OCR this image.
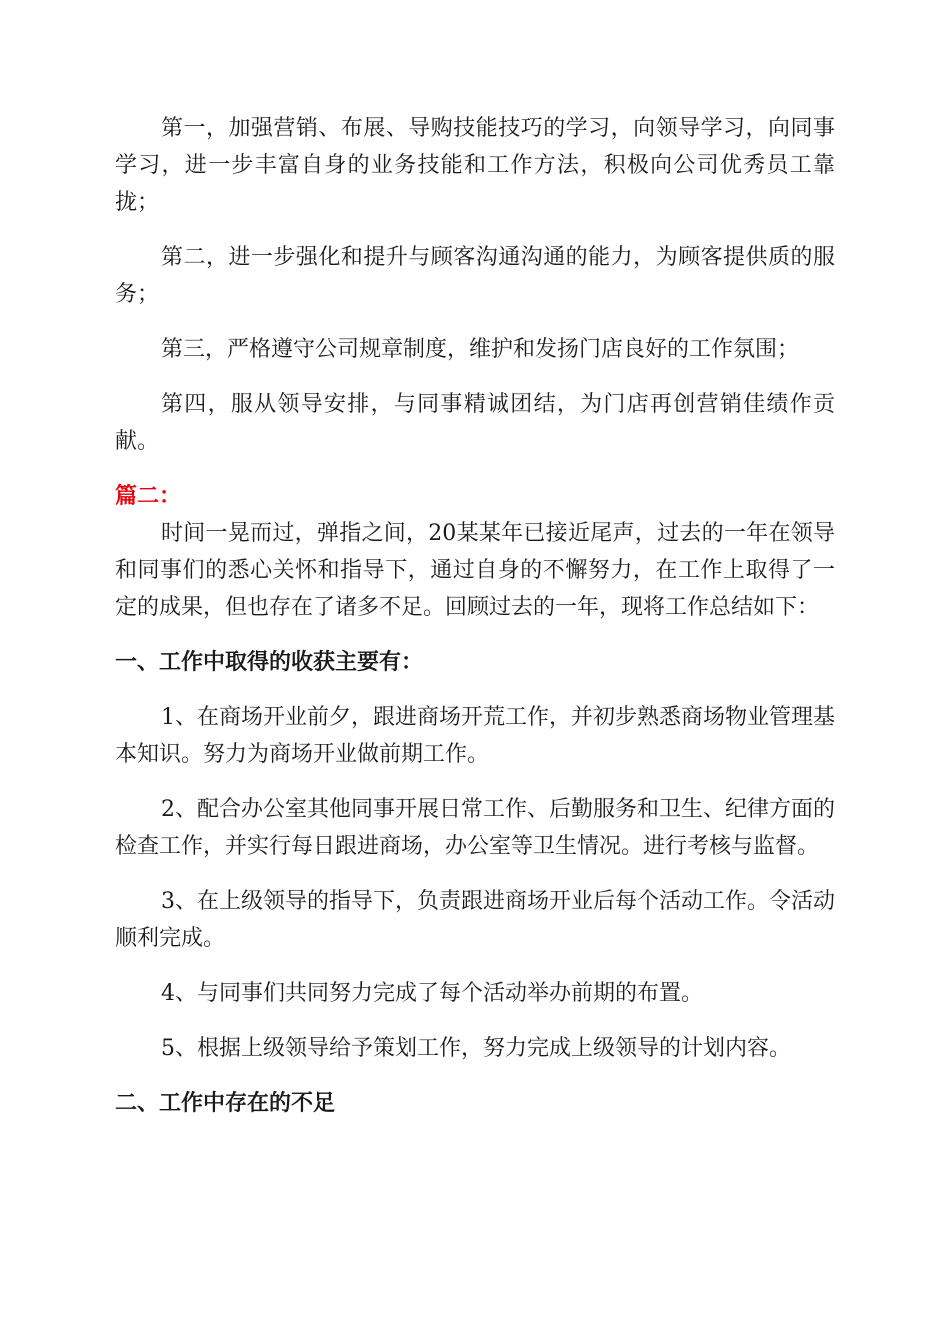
第一，加强营销、布展、导购技能技巧的学习，向领导学习，向同事学习，进一步丰富自身的业务技能和工作方法，积极向公司优秀员工靠拢；

第二，进一步强化和提升与顾客沟通沟通的能力，为顾客提供质的服务；

第三，严格遵守公司规章制度，维护和发扬门店良好的工作氛围；

第四，服从领导安排，与同事精诚团结，为门店再创营销佳绩作贡献。

篇二：

时间一晃而过，弹指之间，20某某年已接近尾声，过去的一年在领导和同事们的悉心关怀和指导下，通过自身的不懈努力，在工作上取得了一定的成果，但也存在了诸多不足。回顾过去的一年，现将工作总结如下：

一、工作中取得的收获主要有：

1、在商场开业前夕，跟进商场开荒工作，并初步熟悉商场物业管理基本知识。努力为商场开业做前期工作。

2、配合办公室其他同事开展日常工作、后勤服务和卫生、纪律方面的检查工作，并实行每日跟进商场，办公室等卫生情况。进行考核与监督。

3、在上级领导的指导下，负责跟进商场开业后每个活动工作。令活动顺利完成。

4、与同事们共同努力完成了每个活动举办前期的布置。

5、根据上级领导给予策划工作，努力完成上级领导的计划内容。

二、工作中存在的不足
